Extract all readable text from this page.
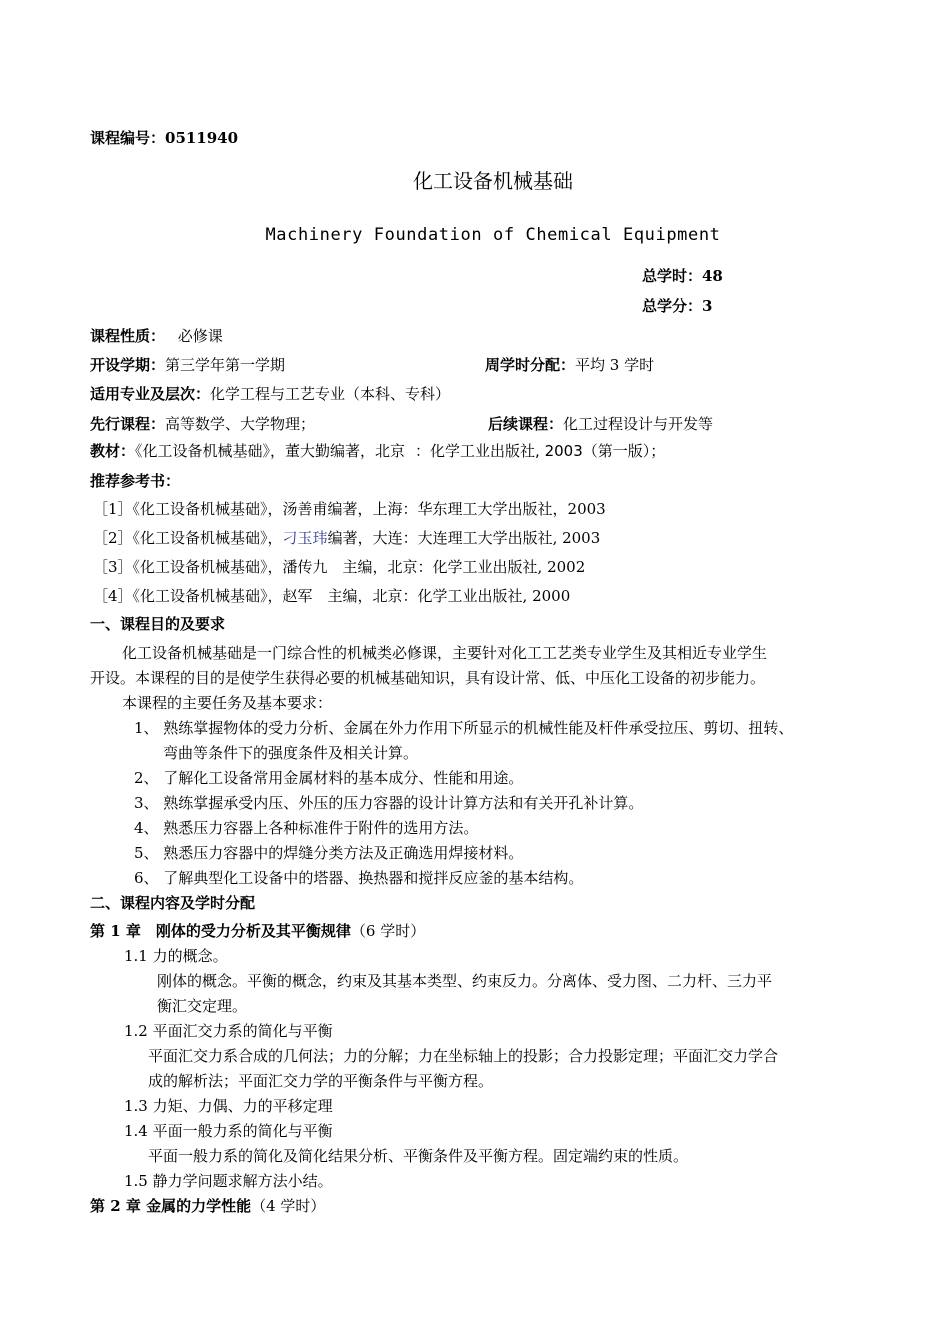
课程编号：0511940
化工设备机械基础
Machinery Foundation of Chemical Equipment
总学时：48
总学分：3
课程性质： 必修课
开设学期：第三学年第一学期	周学时分配：平均 3 学时
适用专业及层次：化学工程与工艺专业（本科、专科）
先行课程：高等数学、大学物理；	后续课程：化工过程设计与开发等
教材：《化工设备机械基础》，董大勤编著，北京 ：化学工业出版社, 2003（第一版）；
推荐参考书：
［1］《化工设备机械基础》，汤善甫编著，上海：华东理工大学出版社，2003
［2］《化工设备机械基础》，刁玉玮编著，大连：大连理工大学出版社, 2003
［3］《化工设备机械基础》，潘传九　主编，北京：化学工业出版社, 2002
［4］《化工设备机械基础》，赵军　主编，北京：化学工业出版社, 2000
一、课程目的及要求
化工设备机械基础是一门综合性的机械类必修课，主要针对化工工艺类专业学生及其相近专业学生
开设。本课程的目的是使学生获得必要的机械基础知识，具有设计常、低、中压化工设备的初步能力。
本课程的主要任务及基本要求：
1、 熟练掌握物体的受力分析、金属在外力作用下所显示的机械性能及杆件承受拉压、剪切、扭转、
弯曲等条件下的强度条件及相关计算。
2、 了解化工设备常用金属材料的基本成分、性能和用途。
3、 熟练掌握承受内压、外压的压力容器的设计计算方法和有关开孔补计算。
4、 熟悉压力容器上各种标准件于附件的选用方法。
5、 熟悉压力容器中的焊缝分类方法及正确选用焊接材料。
6、 了解典型化工设备中的塔器、换热器和搅拌反应釜的基本结构。
二、课程内容及学时分配
第 1 章　刚体的受力分析及其平衡规律（6 学时）
1.1 力的概念。
刚体的概念。平衡的概念，约束及其基本类型、约束反力。分离体、受力图、二力杆、三力平
衡汇交定理。
1.2 平面汇交力系的简化与平衡
平面汇交力系合成的几何法；力的分解；力在坐标轴上的投影；合力投影定理；平面汇交力学合
成的解析法；平面汇交力学的平衡条件与平衡方程。
1.3 力矩、力偶、力的平移定理
1.4 平面一般力系的简化与平衡
平面一般力系的简化及简化结果分析、平衡条件及平衡方程。固定端约束的性质。
1.5 静力学问题求解方法小结。
第 2 章 金属的力学性能（4 学时）
